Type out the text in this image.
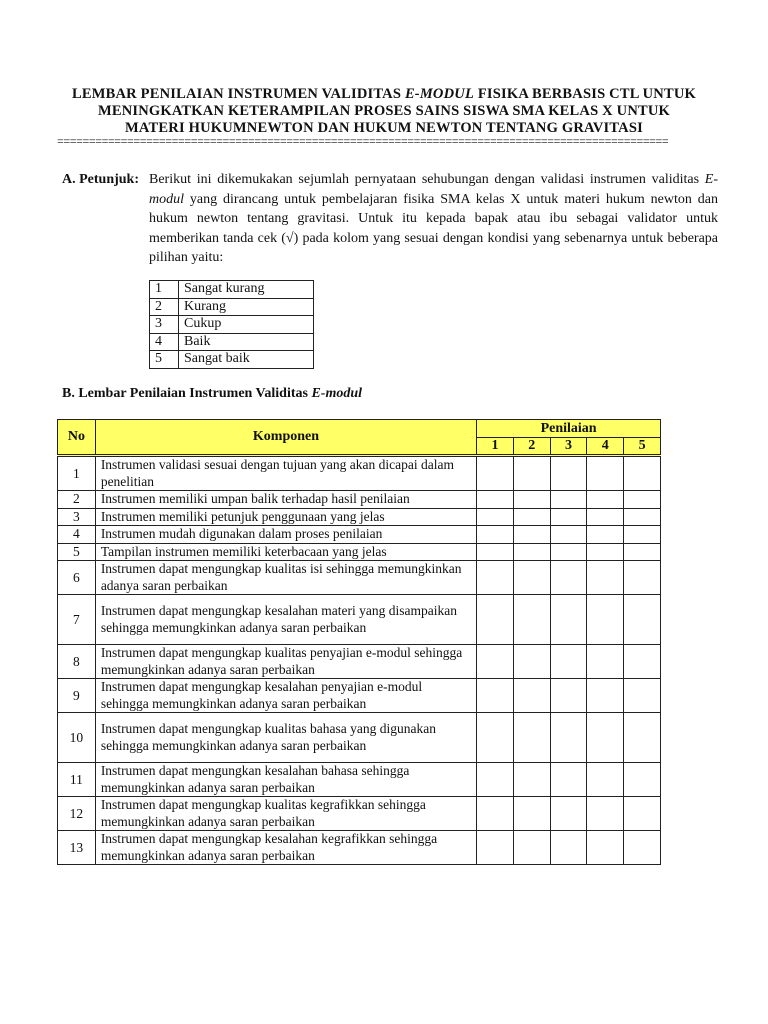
LEMBAR PENILAIAN INSTRUMEN VALIDITAS E-MODUL FISIKA BERBASIS CTL UNTUK
MENINGKATKAN KETERAMPILAN PROSES SAINS SISWA SMA KELAS X UNTUK
MATERI HUKUMNEWTON DAN HUKUM NEWTON TENTANG GRAVITASI
================================================================================================
A. Petunjuk: Berikut ini dikemukakan sejumlah pernyataan sehubungan dengan validasi instrumen validitas E-modul yang dirancang untuk pembelajaran fisika SMA kelas X untuk materi hukum newton dan hukum newton tentang gravitasi. Untuk itu kepada bapak atau ibu sebagai validator untuk memberikan tanda cek (√) pada kolom yang sesuai dengan kondisi yang sebenarnya untuk beberapa pilihan yaitu:
1	Sangat kurang
2	Kurang
3	Cukup
4	Baik
5	Sangat baik
B. Lembar Penilaian Instrumen Validitas E-modul
No	Komponen	Penilaian				
		1	2	3	4	5
1	Instrumen validasi sesuai dengan tujuan yang akan dicapai dalam penelitian					
2	Instrumen memiliki umpan balik terhadap hasil penilaian					
3	Instrumen memiliki petunjuk penggunaan yang jelas					
4	Instrumen mudah digunakan dalam proses penilaian					
5	Tampilan instrumen memiliki keterbacaan yang jelas					
6	Instrumen dapat mengungkap kualitas isi sehingga memungkinkan adanya saran perbaikan					
7	Instrumen dapat mengungkap kesalahan materi yang disampaikan sehingga memungkinkan adanya saran perbaikan					
8	Instrumen dapat mengungkap kualitas penyajian e-modul sehingga memungkinkan adanya saran perbaikan					
9	Instrumen dapat mengungkap kesalahan penyajian e-modul sehingga memungkinkan adanya saran perbaikan					
10	Instrumen dapat mengungkap kualitas bahasa yang digunakan sehingga memungkinkan adanya saran perbaikan					
11	Instrumen dapat mengungkan kesalahan bahasa sehingga memungkinkan adanya saran perbaikan					
12	Instrumen dapat mengungkap kualitas kegrafikkan sehingga memungkinkan adanya saran perbaikan					
13	Instrumen dapat mengungkap kesalahan kegrafikkan sehingga memungkinkan adanya saran perbaikan					
